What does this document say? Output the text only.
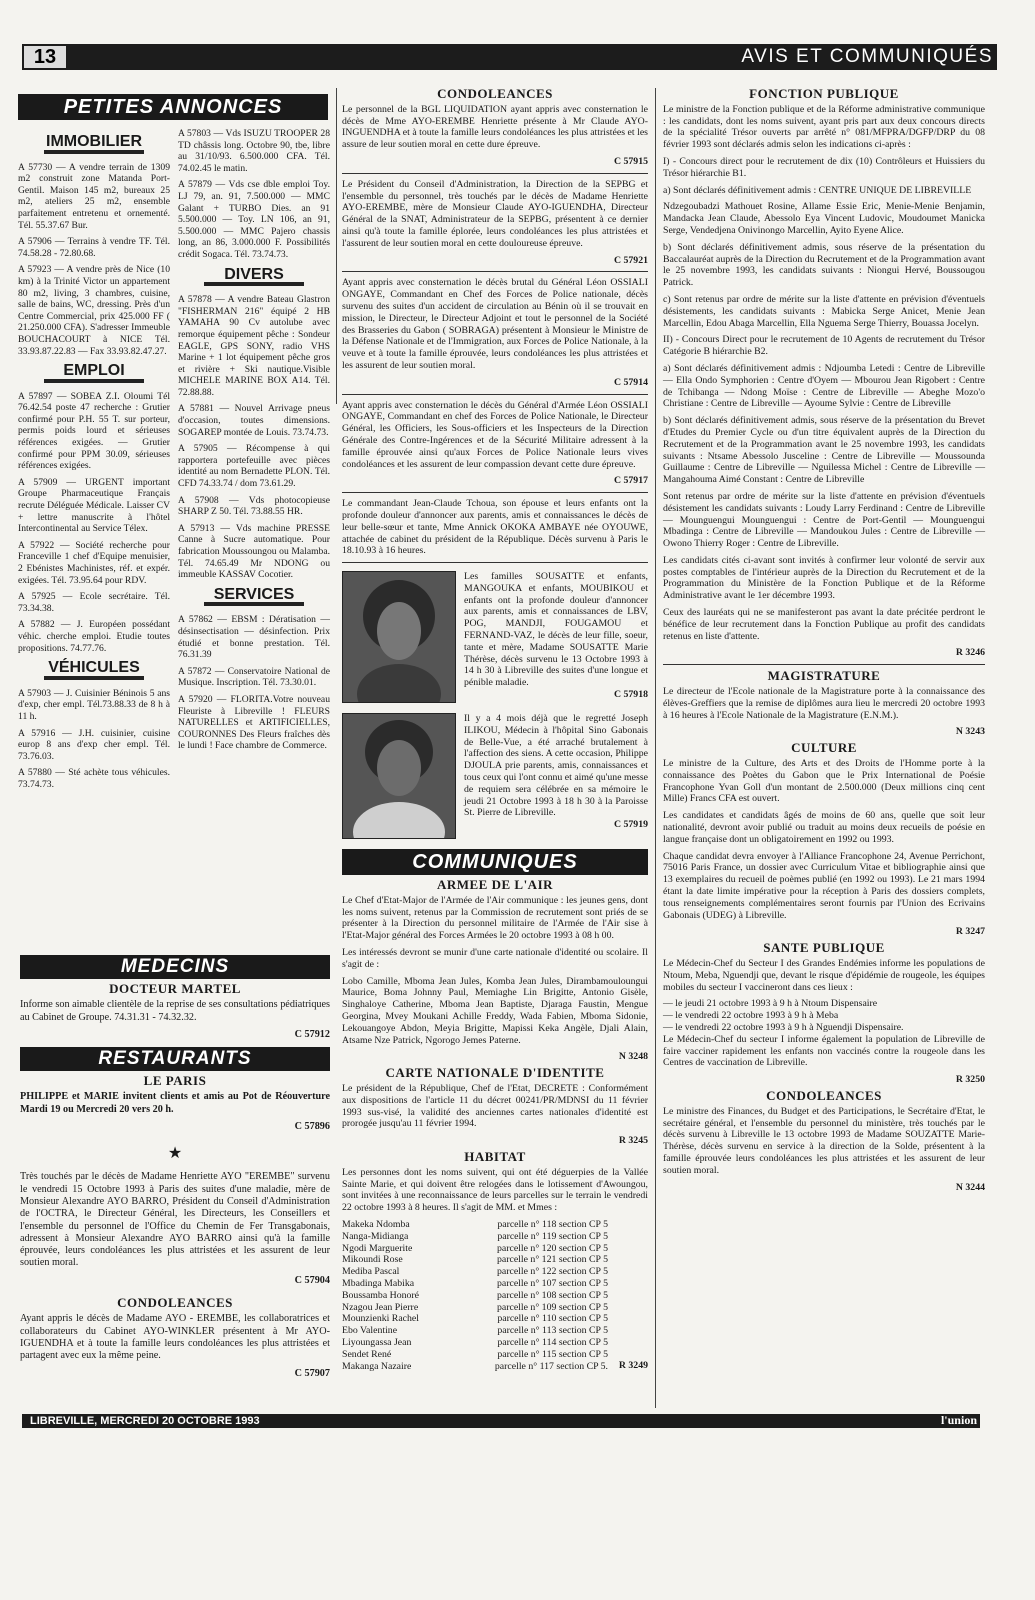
13	AVIS ET COMMUNIQUÉS
PETITES ANNONCES
IMMOBILIER

A 57730 — A vendre terrain de 1309 m2 construit zone Matanda Port-Gentil. Maison 145 m2, bureaux 25 m2, ateliers 25 m2, ensemble parfaitement entretenu et ornementé. Tél. 55.37.67 Bur.

A 57906 — Terrains à vendre TF. Tél. 74.58.28 - 72.80.68.

A 57923 — A vendre près de Nice (10 km) à la Trinité Victor un appartement 80 m2, living, 3 chambres, cuisine, salle de bains, WC, dressing. Près d'un Centre Commercial, prix 425.000 FF ( 21.250.000 CFA). S'adresser Immeuble BOUCHACOURT à NICE Tél. 33.93.87.22.83 — Fax 33.93.82.47.27.

EMPLOI

A 57897 — SOBEA Z.I. Oloumi Tél 76.42.54 poste 47 recherche : Grutier confirmé pour P.H. 55 T. sur porteur, permis poids lourd et sérieuses références exigées. — Grutier confirmé pour PPM 30.09, sérieuses références exigées.

A 57909 — URGENT important Groupe Pharmaceutique Français recrute Déléguée Médicale. Laisser CV + lettre manuscrite à l'hôtel Intercontinental au Service Télex.

A 57922 — Société recherche pour Franceville 1 chef d'Equipe menuisier, 2 Ebénistes Machinistes, réf. et expér. exigées. Tél. 73.95.64 pour RDV.

A 57925 — Ecole secrétaire. Tél. 73.34.38.

A 57882 — J. Européen possédant véhic. cherche emploi. Etudie toutes propositions. 74.77.76.

VÉHICULES

A 57903 — J. Cuisinier Béninois 5 ans d'exp, cher empl. Tél.73.88.33 de 8 h à 11 h.

A 57916 — J.H. cuisinier, cuisine europ 8 ans d'exp cher empl. Tél. 73.76.03.

A 57880 — Sté achète tous véhicules. 73.74.73.

A 57803 — Vds ISUZU TROOPER 28 TD châssis long. Octobre 90, tbe, libre au 31/10/93. 6.500.000 CFA. Tél. 74.02.45 le matin.

A 57879 — Vds cse dble emploi Toy. LJ 79, an. 91, 7.500.000 — MMC Galant + TURBO Dies. an 91 5.500.000 — Toy. LN 106, an 91, 5.500.000 — MMC Pajero chassis long, an 86, 3.000.000 F. Possibilités crédit Sogaca. Tél. 73.74.73.

DIVERS

A 57878 — A vendre Bateau Glastron "FISHERMAN 216" équipé 2 HB YAMAHA 90 Cv autolube avec remorque équipement pêche : Sondeur EAGLE, GPS SONY, radio VHS Marine + 1 lot équipement pêche gros et rivière + Ski nautique.Visible MICHELE MARINE BOX A14. Tél. 72.88.88.

A 57881 — Nouvel Arrivage pneus d'occasion, toutes dimensions. SOGAREP montée de Louis. 73.74.73.

A 57905 — Récompense à qui rapportera portefeuille avec pièces identité au nom Bernadette PLON. Tél. CFD 74.33.74 / dom 73.61.29.

A 57908 — Vds photocopieuse SHARP Z 50. Tél. 73.88.55 HR.

A 57913 — Vds machine PRESSE Canne à Sucre automatique. Pour fabrication Moussoungou ou Malamba. Tél. 74.65.49 Mr NDONG ou immeuble KASSAV Cocotier.

SERVICES

A 57862 — EBSM : Dératisation — désinsectisation — désinfection. Prix étudié et bonne prestation. Tél. 76.31.39

A 57872 — Conservatoire National de Musique. Inscription. Tél. 73.30.01.

A 57920 — FLORITA.Votre nouveau Fleuriste à Libreville ! FLEURS NATURELLES et ARTIFICIELLES, COURONNES Des Fleurs fraîches dès le lundi ! Face chambre de Commerce.

MEDECINS
DOCTEUR MARTEL

Informe son aimable clientèle de la reprise de ses consultations pédiatriques au Cabinet de Groupe. 74.31.31 - 74.32.32.

C 57912
RESTAURANTS
LE PARIS

PHILIPPE et MARIE invitent clients et amis au Pot de Réouverture Mardi 19 ou Mercredi 20 vers 20 h.

C 57896
★

Très touchés par le décès de Madame Henriette AYO "EREMBE" survenu le vendredi 15 Octobre 1993 à Paris des suites d'une maladie, mère de Monsieur Alexandre AYO BARRO, Président du Conseil d'Administration de l'OCTRA, le Directeur Général, les Directeurs, les Conseillers et l'ensemble du personnel de l'Office du Chemin de Fer Transgabonais, adressent à Monsieur Alexandre AYO BARRO ainsi qu'à la famille éprouvée, leurs condoléances les plus attristées et les assurent de leur soutien moral.

C 57904
CONDOLEANCES

Ayant appris le décès de Madame AYO - EREMBE, les collaboratrices et collaborateurs du Cabinet AYO-WINKLER présentent à Mr AYO-IGUENDHA et à toute la famille leurs condoléances les plus attristées et partagent avec eux la même peine.

C 57907
CONDOLEANCES

Le personnel de la BGL LIQUIDATION ayant appris avec consternation le décès de Mme AYO-EREMBE Henriette présente à Mr Claude AYO-INGUENDHA et à toute la famille leurs condoléances les plus attristées et les assure de leur soutien moral en cette dure épreuve.

C 57915

Le Président du Conseil d'Administration, la Direction de la SEPBG et l'ensemble du personnel, très touchés par le décès de Madame Henriette AYO-EREMBE, mère de Monsieur Claude AYO-IGUENDHA, Directeur Général de la SNAT, Administrateur de la SEPBG, présentent à ce dernier ainsi qu'à toute la famille éplorée, leurs condoléances les plus attristées et l'assurent de leur soutien moral en cette douloureuse épreuve.

C 57921

Ayant appris avec consternation le décès brutal du Général Léon OSSIALI ONGAYE, Commandant en Chef des Forces de Police nationale, décès survenu des suites d'un accident de circulation au Bénin où il se trouvait en mission, le Directeur, le Directeur Adjoint et tout le personnel de la Société des Brasseries du Gabon ( SOBRAGA) présentent à Monsieur le Ministre de la Défense Nationale et de l'Immigration, aux Forces de Police Nationale, à la veuve et à toute la famille éprouvée, leurs condoléances les plus attristées et les assurent de leur soutien moral.

C 57914

Ayant appris avec consternation le décès du Général d'Armée Léon OSSIALI ONGAYE, Commandant en chef des Forces de Police Nationale, le Directeur Général, les Officiers, les Sous-officiers et les Inspecteurs de la Direction Générale des Contre-Ingérences et de la Sécurité Militaire adressent à la famille éprouvée ainsi qu'aux Forces de Police Nationale leurs vives condoléances et les assurent de leur compassion devant cette dure épreuve.

C 57917

Le commandant Jean-Claude Tchoua, son épouse et leurs enfants ont la profonde douleur d'annoncer aux parents, amis et connaissances le décès de leur belle-sœur et tante, Mme Annick OKOKA AMBAYE née OYOUWE, attachée de cabinet du président de la République. Décès survenu à Paris le 18.10.93 à 16 heures.

Les familles SOUSATTE et enfants, MANGOUKA et enfants, MOUBIKOU et enfants ont la profonde douleur d'annoncer aux parents, amis et connaissances de LBV, POG, MANDJI, FOUGAMOU et FERNAND-VAZ, le décès de leur fille, soeur, tante et mère, Madame SOUSATTE Marie Thérèse, décès survenu le 13 Octobre 1993 à 14 h 30 à Libreville des suites d'une longue et pénible maladie.

C 57918

Il y a 4 mois déjà que le regretté Joseph ILIKOU, Médecin à l'hôpital Sino Gabonais de Belle-Vue, a été arraché brutalement à l'affection des siens. A cette occasion, Philippe DJOULA prie parents, amis, connaissances et tous ceux qui l'ont connu et aimé qu'une messe de requiem sera célébrée en sa mémoire le jeudi 21 Octobre 1993 à 18 h 30 à la Paroisse St. Pierre de Libreville.

C 57919
COMMUNIQUES
ARMEE DE L'AIR

Le Chef d'Etat-Major de l'Armée de l'Air communique : les jeunes gens, dont les noms suivent, retenus par la Commission de recrutement sont priés de se présenter à la Direction du personnel militaire de l'Armée de l'Air sise à l'Etat-Major général des Forces Armées le 20 octobre 1993 à 08 h 00.

Les intéressés devront se munir d'une carte nationale d'identité ou scolaire. Il s'agit de :

Lobo Camille, Mboma Jean Jules, Komba Jean Jules, Dirambamouloungui Maurice, Boma Johnny Paul, Memiaghe Lin Brigitte, Antonio Gisèle, Singhaloye Catherine, Mboma Jean Baptiste, Djaraga Faustin, Mengue Georgina, Mvey Moukani Achille Freddy, Wada Fabien, Mboma Sidonie, Lekouangoye Abdon, Meyia Brigitte, Mapissi Keka Angèle, Djali Alain, Atsame Nze Patrick, Ngorogo Jemes Paterne.

N 3248
CARTE NATIONALE D'IDENTITE

Le président de la République, Chef de l'Etat, DECRETE : Conformément aux dispositions de l'article 11 du décret 00241/PR/MDNSI du 11 février 1993 sus-visé, la validité des anciennes cartes nationales d'identité est prorogée jusqu'au 11 février 1994.

R 3245
HABITAT

Les personnes dont les noms suivent, qui ont été déguerpies de la Vallée Sainte Marie, et qui doivent être relogées dans le lotissement d'Awoungou, sont invitées à une reconnaissance de leurs parcelles sur le terrain le vendredi 22 octobre 1993 à 8 heures. Il s'agit de MM. et Mmes :

Makeka Ndomba	parcelle n° 118 section CP 5
Nanga-Midianga	parcelle n° 119 section CP 5
Ngodi Marguerite	parcelle n° 120 section CP 5
Mikoundi Rose	parcelle n° 121 section CP 5
Mediba Pascal	parcelle n° 122 section CP 5
Mbadinga Mabika	parcelle n° 107 section CP 5
Boussamba Honoré	parcelle n° 108 section CP 5
Nzagou Jean Pierre	parcelle n° 109 section CP 5
Mounzienki Rachel	parcelle n° 110 section CP 5
Ebo Valentine	parcelle n° 113 section CP 5
Liyoungassa Jean	parcelle n° 114 section CP 5
Sendet René	parcelle n° 115 section CP 5
Makanga Nazaire	parcelle n° 117 section CP 5.	R 3249
FONCTION PUBLIQUE

Le ministre de la Fonction publique et de la Réforme administrative communique : les candidats, dont les noms suivent, ayant pris part aux deux concours directs de la spécialité Trésor ouverts par arrêté n° 081/MFPRA/DGFP/DRP du 08 février 1993 sont déclarés admis selon les indications ci-après :

I) - Concours direct pour le recrutement de dix (10) Contrôleurs et Huissiers du Trésor hiérarchie B1.

a) Sont déclarés définitivement admis : CENTRE UNIQUE DE LIBREVILLE

Ndzegoubadzi Mathouet Rosine, Allame Essie Eric, Menie-Menie Benjamin, Mandacka Jean Claude, Abessolo Eya Vincent Ludovic, Moudoumet Manicka Serge, Vendedjena Onivinongo Marcellin, Ayito Eyene Alice.

b) Sont déclarés définitivement admis, sous réserve de la présentation du Baccalauréat auprès de la Direction du Recrutement et de la Programmation avant le 25 novembre 1993, les candidats suivants : Niongui Hervé, Boussougou Patrick.

c) Sont retenus par ordre de mérite sur la liste d'attente en prévision d'éventuels désistements, les candidats suivants : Mabicka Serge Anicet, Menie Jean Marcellin, Edou Abaga Marcellin, Ella Nguema Serge Thierry, Bouassa Jocelyn.

II) - Concours Direct pour le recrutement de 10 Agents de recrutement du Trésor Catégorie B hiérarchie B2.

a) Sont déclarés définitivement admis : Ndjoumba Letedi : Centre de Libreville — Ella Ondo Symphorien : Centre d'Oyem — Mbourou Jean Rigobert : Centre de Tchibanga — Ndong Moïse : Centre de Libreville — Abeghe Mozo'o Christiane : Centre de Libreville — Ayoume Sylvie : Centre de Libreville

b) Sont déclarés définitivement admis, sous réserve de la présentation du Brevet d'Etudes du Premier Cycle ou d'un titre équivalent auprès de la Direction du Recrutement et de la Programmation avant le 25 novembre 1993, les candidats suivants : Ntsame Abessolo Jusceline : Centre de Libreville — Moussounda Guillaume : Centre de Libreville — Nguilessa Michel : Centre de Libreville — Mangahouma Aimé Constant : Centre de Libreville

Sont retenus par ordre de mérite sur la liste d'attente en prévision d'éventuels désistement les candidats suivants : Loudy Larry Ferdinand : Centre de Libreville — Mounguengui Mounguengui : Centre de Port-Gentil — Mounguengui Mbadinga : Centre de Libreville — Mandoukou Jules : Centre de Libreville — Owono Thierry Roger : Centre de Libreville.

Les candidats cités ci-avant sont invités à confirmer leur volonté de servir aux postes comptables de l'intérieur auprès de la Direction du Recrutement et de la Programmation du Ministère de la Fonction Publique et de la Réforme Administrative avant le 1er décembre 1993.

Ceux des lauréats qui ne se manifesteront pas avant la date précitée perdront le bénéfice de leur recrutement dans la Fonction Publique au profit des candidats retenus en liste d'attente.

R 3246
MAGISTRATURE

Le directeur de l'Ecole nationale de la Magistrature porte à la connaissance des élèves-Greffiers que la remise de diplômes aura lieu le mercredi 20 octobre 1993 à 16 heures à l'Ecole Nationale de la Magistrature (E.N.M.).

N 3243
CULTURE

Le ministre de la Culture, des Arts et des Droits de l'Homme porte à la connaissance des Poètes du Gabon que le Prix International de Poésie Francophone Yvan Goll d'un montant de 2.500.000 (Deux millions cinq cent Mille) Francs CFA est ouvert.

Les candidates et candidats âgés de moins de 60 ans, quelle que soit leur nationalité, devront avoir publié ou traduit au moins deux recueils de poésie en langue française dont un obligatoirement en 1992 ou 1993.

Chaque candidat devra envoyer à l'Alliance Francophone 24, Avenue Perrichont, 75016 Paris France, un dossier avec Curriculum Vitae et bibliographie ainsi que 13 exemplaires du recueil de poèmes publié (en 1992 ou 1993). Le 21 mars 1994 étant la date limite impérative pour la réception à Paris des dossiers complets, tous renseignements complémentaires seront fournis par l'Union des Ecrivains Gabonais (UDEG) à Libreville.

R 3247
SANTE PUBLIQUE

Le Médecin-Chef du Secteur I des Grandes Endémies informe les populations de Ntoum, Meba, Nguendji que, devant le risque d'épidémie de rougeole, les équipes mobiles du secteur I vaccineront dans ces lieux :

— le jeudi 21 octobre 1993 à 9 h à Ntoum Dispensaire
— le vendredi 22 octobre 1993 à 9 h à Meba
— le vendredi 22 octobre 1993 à 9 h à Nguendji Dispensaire.

Le Médecin-Chef du secteur I informe également la population de Libreville de faire vacciner rapidement les enfants non vaccinés contre la rougeole dans les Centres de vaccination de Libreville.

R 3250
CONDOLEANCES

Le ministre des Finances, du Budget et des Participations, le Secrétaire d'Etat, le secrétaire général, et l'ensemble du personnel du ministère, très touchés par le décès survenu à Libreville le 13 octobre 1993 de Madame SOUZATTE Marie-Thérèse, décès survenu en service à la direction de la Solde, présentent à la famille éprouvée leurs condoléances les plus attristées et les assurent de leur soutien moral.

N 3244
LIBREVILLE, MERCREDI 20 OCTOBRE 1993	l'union
